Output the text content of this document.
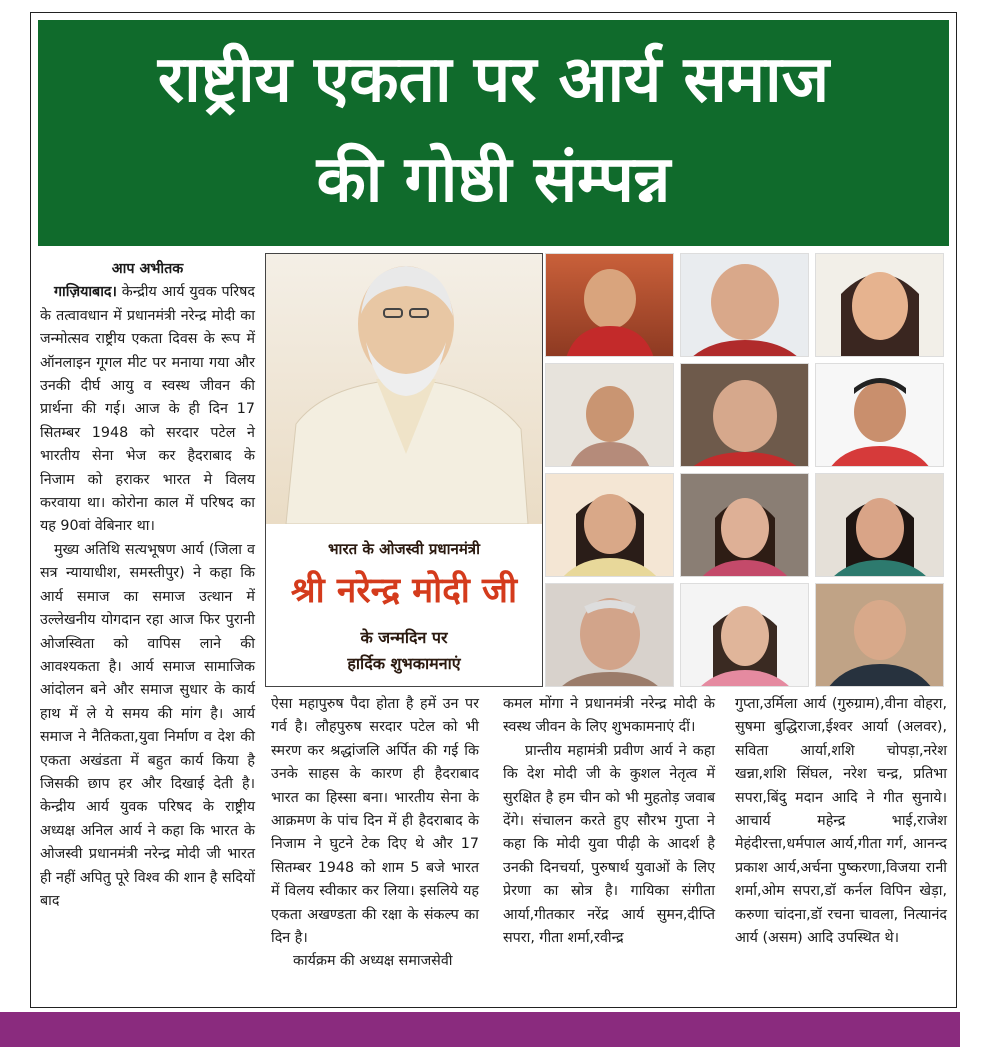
राष्ट्रीय एकता पर आर्य समाज
की गोष्ठी संम्पन्न

आप अभीतक

गाज़ियाबाद। केन्द्रीय आर्य युवक परिषद के तत्वावधान में प्रधानमंत्री नरेन्द्र मोदी का जन्मोत्सव राष्ट्रीय एकता दिवस के रूप में ऑनलाइन गूगल मीट पर मनाया गया और उनकी दीर्घ आयु व स्वस्थ जीवन की प्रार्थना की गई। आज के ही दिन 17 सितम्बर 1948 को सरदार पटेल ने भारतीय सेना भेज कर हैदराबाद के निजाम को हराकर भारत मे विलय करवाया था। कोरोना काल में परिषद का यह 90वां वेबिनार था।

मुख्य अतिथि सत्यभूषण आर्य (जिला व सत्र न्यायाधीश, समस्तीपुर) ने कहा कि आर्य समाज का समाज उत्थान में उल्लेखनीय योगदान रहा आज फिर पुरानी ओजस्विता को वापिस लाने की आवश्यकता है। आर्य समाज सामाजिक आंदोलन बने और समाज सुधार के कार्य हाथ में ले ये समय की मांग है। आर्य समाज ने नैतिकता,युवा निर्माण व देश की एकता अखंडता में बहुत कार्य किया है जिसकी छाप हर और दिखाई देती है। केन्द्रीय आर्य युवक परिषद के राष्ट्रीय अध्यक्ष अनिल आर्य ने कहा कि भारत के ओजस्वी प्रधानमंत्री नरेन्द्र मोदी जी भारत ही नहीं अपितु पूरे विश्व की शान है सदियों बाद

भारत के ओजस्वी प्रधानमंत्री
श्री नरेन्द्र मोदी जी
के जन्मदिन पर
हार्दिक शुभकामनाएं

ऐसा महापुरुष पैदा होता है हमें उन पर गर्व है। लौहपुरुष सरदार पटेल को भी स्मरण कर श्रद्धांजलि अर्पित की गई कि उनके साहस के कारण ही हैदराबाद भारत का हिस्सा बना। भारतीय सेना के आक्रमण के पांच दिन में ही हैदराबाद के निजाम ने घुटने टेक दिए थे और 17 सितम्बर 1948 को शाम 5 बजे भारत में विलय स्वीकार कर लिया। इसलिये यह एकता अखण्डता की रक्षा के संकल्प का दिन है।

कार्यक्रम की अध्यक्ष समाजसेवी

कमल मोंगा ने प्रधानमंत्री नरेन्द्र मोदी के स्वस्थ जीवन के लिए शुभकामनाएं दीं।

प्रान्तीय महामंत्री प्रवीण आर्य ने कहा कि देश मोदी जी के कुशल नेतृत्व में सुरक्षित है हम चीन को भी मुहतोड़ जवाब देंगे। संचालन करते हुए सौरभ गुप्ता ने कहा कि मोदी युवा पीढ़ी के आदर्श है उनकी दिनचर्या, पुरुषार्थ युवाओं के लिए प्रेरणा का स्रोत्र है। गायिका संगीता आर्या,गीतकार नरेंद्र आर्य सुमन,दीप्ति सपरा, गीता शर्मा,रवीन्द्र

गुप्ता,उर्मिला आर्य (गुरुग्राम),वीना वोहरा, सुषमा बुद्धिराजा,ईश्वर आर्या (अलवर), सविता आर्या,शशि चोपड़ा,नरेश खन्ना,शशि सिंघल, नरेश चन्द्र, प्रतिभा सपरा,बिंदु मदान आदि ने गीत सुनाये। आचार्य महेन्द्र भाई,राजेश मेहंदीरत्ता,धर्मपाल आर्य,गीता गर्ग, आनन्द प्रकाश आर्य,अर्चना पुष्करणा,विजया रानी शर्मा,ओम सपरा,डॉ कर्नल विपिन खेड़ा, करुणा चांदना,डॉ रचना चावला, नित्यानंद आर्य (असम) आदि उपस्थित थे।
